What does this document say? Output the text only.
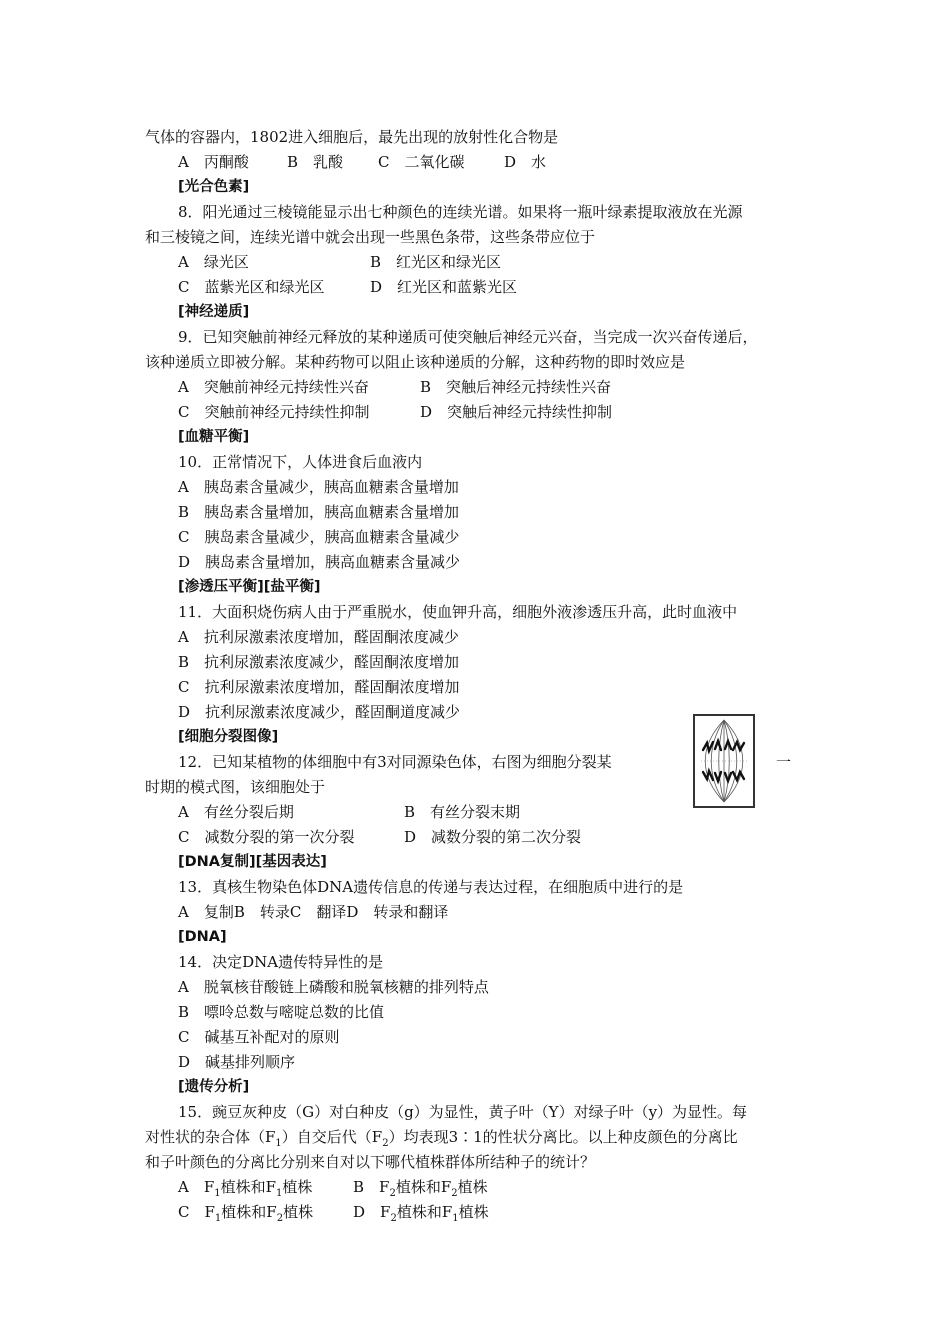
气体的容器内，1802进入细胞后，最先出现的放射性化合物是
A　丙酮酸	B　乳酸 C　二氧化碳	D　水
[光合色素]
8．阳光通过三棱镜能显示出七种颜色的连续光谱。如果将一瓶叶绿素提取液放在光源
和三棱镜之间，连续光谱中就会出现一些黑色条带，这些条带应位于
A　绿光区	B　红光区和绿光区
C　蓝紫光区和绿光区	D　红光区和蓝紫光区
[神经递质]
9．已知突触前神经元释放的某种递质可使突触后神经元兴奋，当完成一次兴奋传递后，
该种递质立即被分解。某种药物可以阻止该种递质的分解，这种药物的即时效应是
A　突触前神经元持续性兴奋	B　突触后神经元持续性兴奋
C　突触前神经元持续性抑制	D　突触后神经元持续性抑制
[血糖平衡]
10．正常情况下，人体进食后血液内
A　胰岛素含量减少，胰高血糖素含量增加
B　胰岛素含量增加，胰高血糖素含量增加
C　胰岛素含量减少，胰高血糖素含量减少
D　胰岛素含量增加，胰高血糖素含量减少
[渗透压平衡][盐平衡]
11．大面积烧伤病人由于严重脱水，使血钾升高，细胞外液渗透压升高，此时血液中
A　抗利尿激素浓度增加，醛固酮浓度减少
B　抗利尿激素浓度减少，醛固酮浓度增加
C　抗利尿激素浓度增加，醛固酮浓度增加
D　抗利尿激素浓度减少，醛固酮道度减少
[细胞分裂图像]
12．已知某植物的体细胞中有3对同源染色体，右图为细胞分裂某	一
时期的模式图，该细胞处于
A　有丝分裂后期	B　有丝分裂末期
C　减数分裂的第一次分裂	D　减数分裂的第二次分裂
[DNA复制][基因表达]
13．真核生物染色体DNA遗传信息的传递与表达过程，在细胞质中进行的是
A　复制B　转录C　翻译D　转录和翻译
[DNA]
14．决定DNA遗传特异性的是
A　脱氧核苷酸链上磷酸和脱氧核糖的排列特点
B　嘌呤总数与嘧啶总数的比值
C　碱基互补配对的原则
D　碱基排列顺序
[遗传分析]
15．豌豆灰种皮（G）对白种皮（g）为显性，黄子叶（Y）对绿子叶（y）为显性。每
对性状的杂合体$(F_1)$自交后代$(F_2)$均表现3∶1的性状分离比。以上种皮颜色的分离比
和子叶颜色的分离比分别来自对以下哪代植株群体所结种子的统计？
A　$F_1$植株和$F_1$植株	B　$F_2$植株和$F_2$植株
C　$F_1$植株和$F_2$植株	D　$F_2$植株和$F_1$植株
